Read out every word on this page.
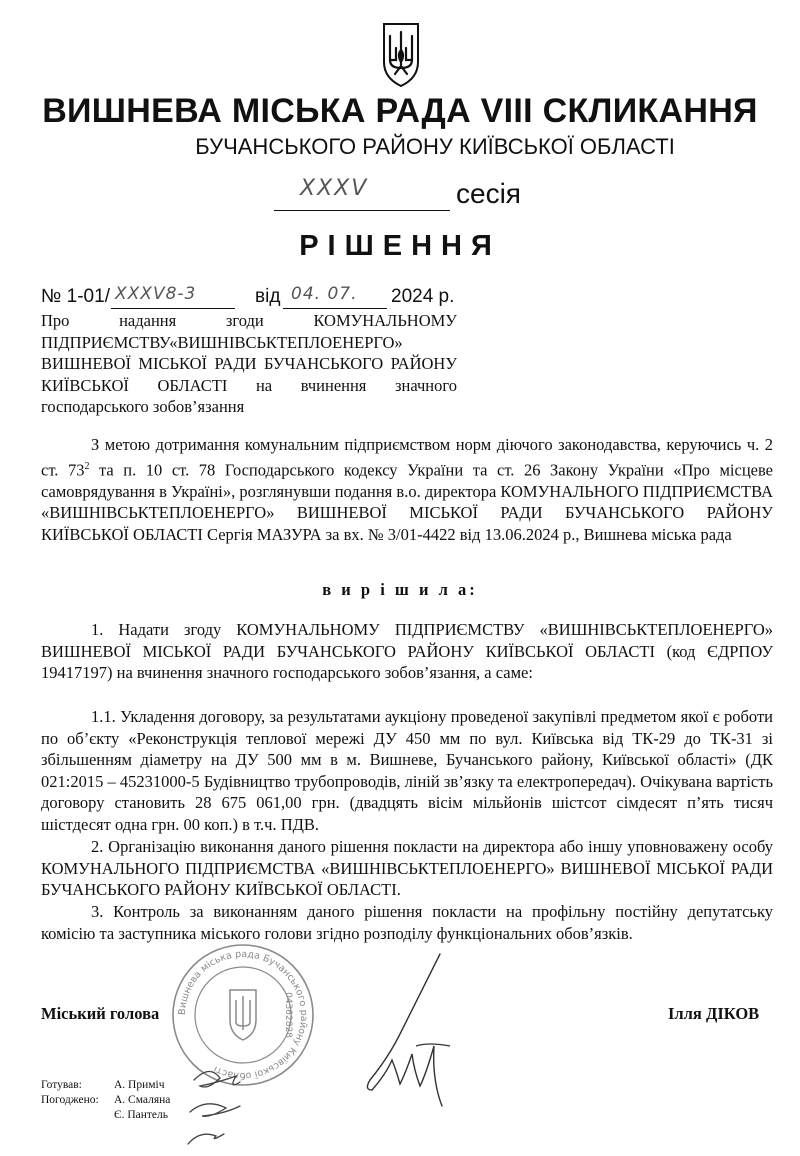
ВИШНЕВА МІСЬКА РАДА VIII СКЛИКАННЯ
БУЧАНСЬКОГО РАЙОНУ КИЇВСЬКОЇ ОБЛАСТІ
XXXV	сесія
РІШЕННЯ
№ 1-01/ XXXV8-3	від 04. 07. 2024 р.
Про надання згоди КОМУНАЛЬНОМУ ПІДПРИЄМСТВУ«ВИШНІВСЬКТЕПЛОЕНЕРГО» ВИШНЕВОЇ МІСЬКОЇ РАДИ БУЧАНСЬКОГО РАЙОНУ КИЇВСЬКОЇ ОБЛАСТІ на вчинення значного господарського зобов’язання

З метою дотримання комунальним підприємством норм діючого законодавства, керуючись ч. 2 ст. $73^2$ та п. 10 ст. 78 Господарського кодексу України та ст. 26 Закону України «Про місцеве самоврядування в Україні», розглянувши подання в.о. директора КОМУНАЛЬНОГО ПІДПРИЄМСТВА «ВИШНІВСЬКТЕПЛОЕНЕРГО» ВИШНЕВОЇ МІСЬКОЇ РАДИ БУЧАНСЬКОГО РАЙОНУ КИЇВСЬКОЇ ОБЛАСТІ Сергія МАЗУРА за вх. № 3/01-4422 від 13.06.2024 р., Вишнева міська рада

в и р і ш и л а:

1. Надати згоду КОМУНАЛЬНОМУ ПІДПРИЄМСТВУ «ВИШНІВСЬКТЕПЛОЕНЕРГО» ВИШНЕВОЇ МІСЬКОЇ РАДИ БУЧАНСЬКОГО РАЙОНУ КИЇВСЬКОЇ ОБЛАСТІ (код ЄДРПОУ 19417197) на вчинення значного господарського зобов’язання, а саме:

1.1. Укладення договору, за результатами аукціону проведеної закупівлі предметом якої є роботи по об’єкту «Реконструкція теплової мережі ДУ 450 мм по вул. Київська від ТК-29 до ТК-31 зі збільшенням діаметру на ДУ 500 мм в м. Вишневе, Бучанського району, Київської області» (ДК 021:2015 – 45231000-5 Будівництво трубопроводів, ліній зв’язку та електропередач). Очікувана вартість договору становить 28 675 061,00 грн. (двадцять вісім мільйонів шістсот сімдесят п’ять тисяч шістдесят одна грн. 00 коп.) в т.ч. ПДВ.

2. Організацію виконання даного рішення покласти на директора або іншу уповноважену особу КОМУНАЛЬНОГО ПІДПРИЄМСТВА «ВИШНІВСЬКТЕПЛОЕНЕРГО» ВИШНЕВОЇ МІСЬКОЇ РАДИ БУЧАНСЬКОГО РАЙОНУ КИЇВСЬКОЇ ОБЛАСТІ.

3. Контроль за виконанням даного рішення покласти на профільну постійну депутатську комісію та заступника міського голови згідно розподілу функціональних обов’язків.

Вишнева міська рада Бучанського району Київської області
04362828
Міський голова	Ілля ДІКОВ
Готував:	А. Приміч
Погоджено: А. Смаляна
Є. Пантель
